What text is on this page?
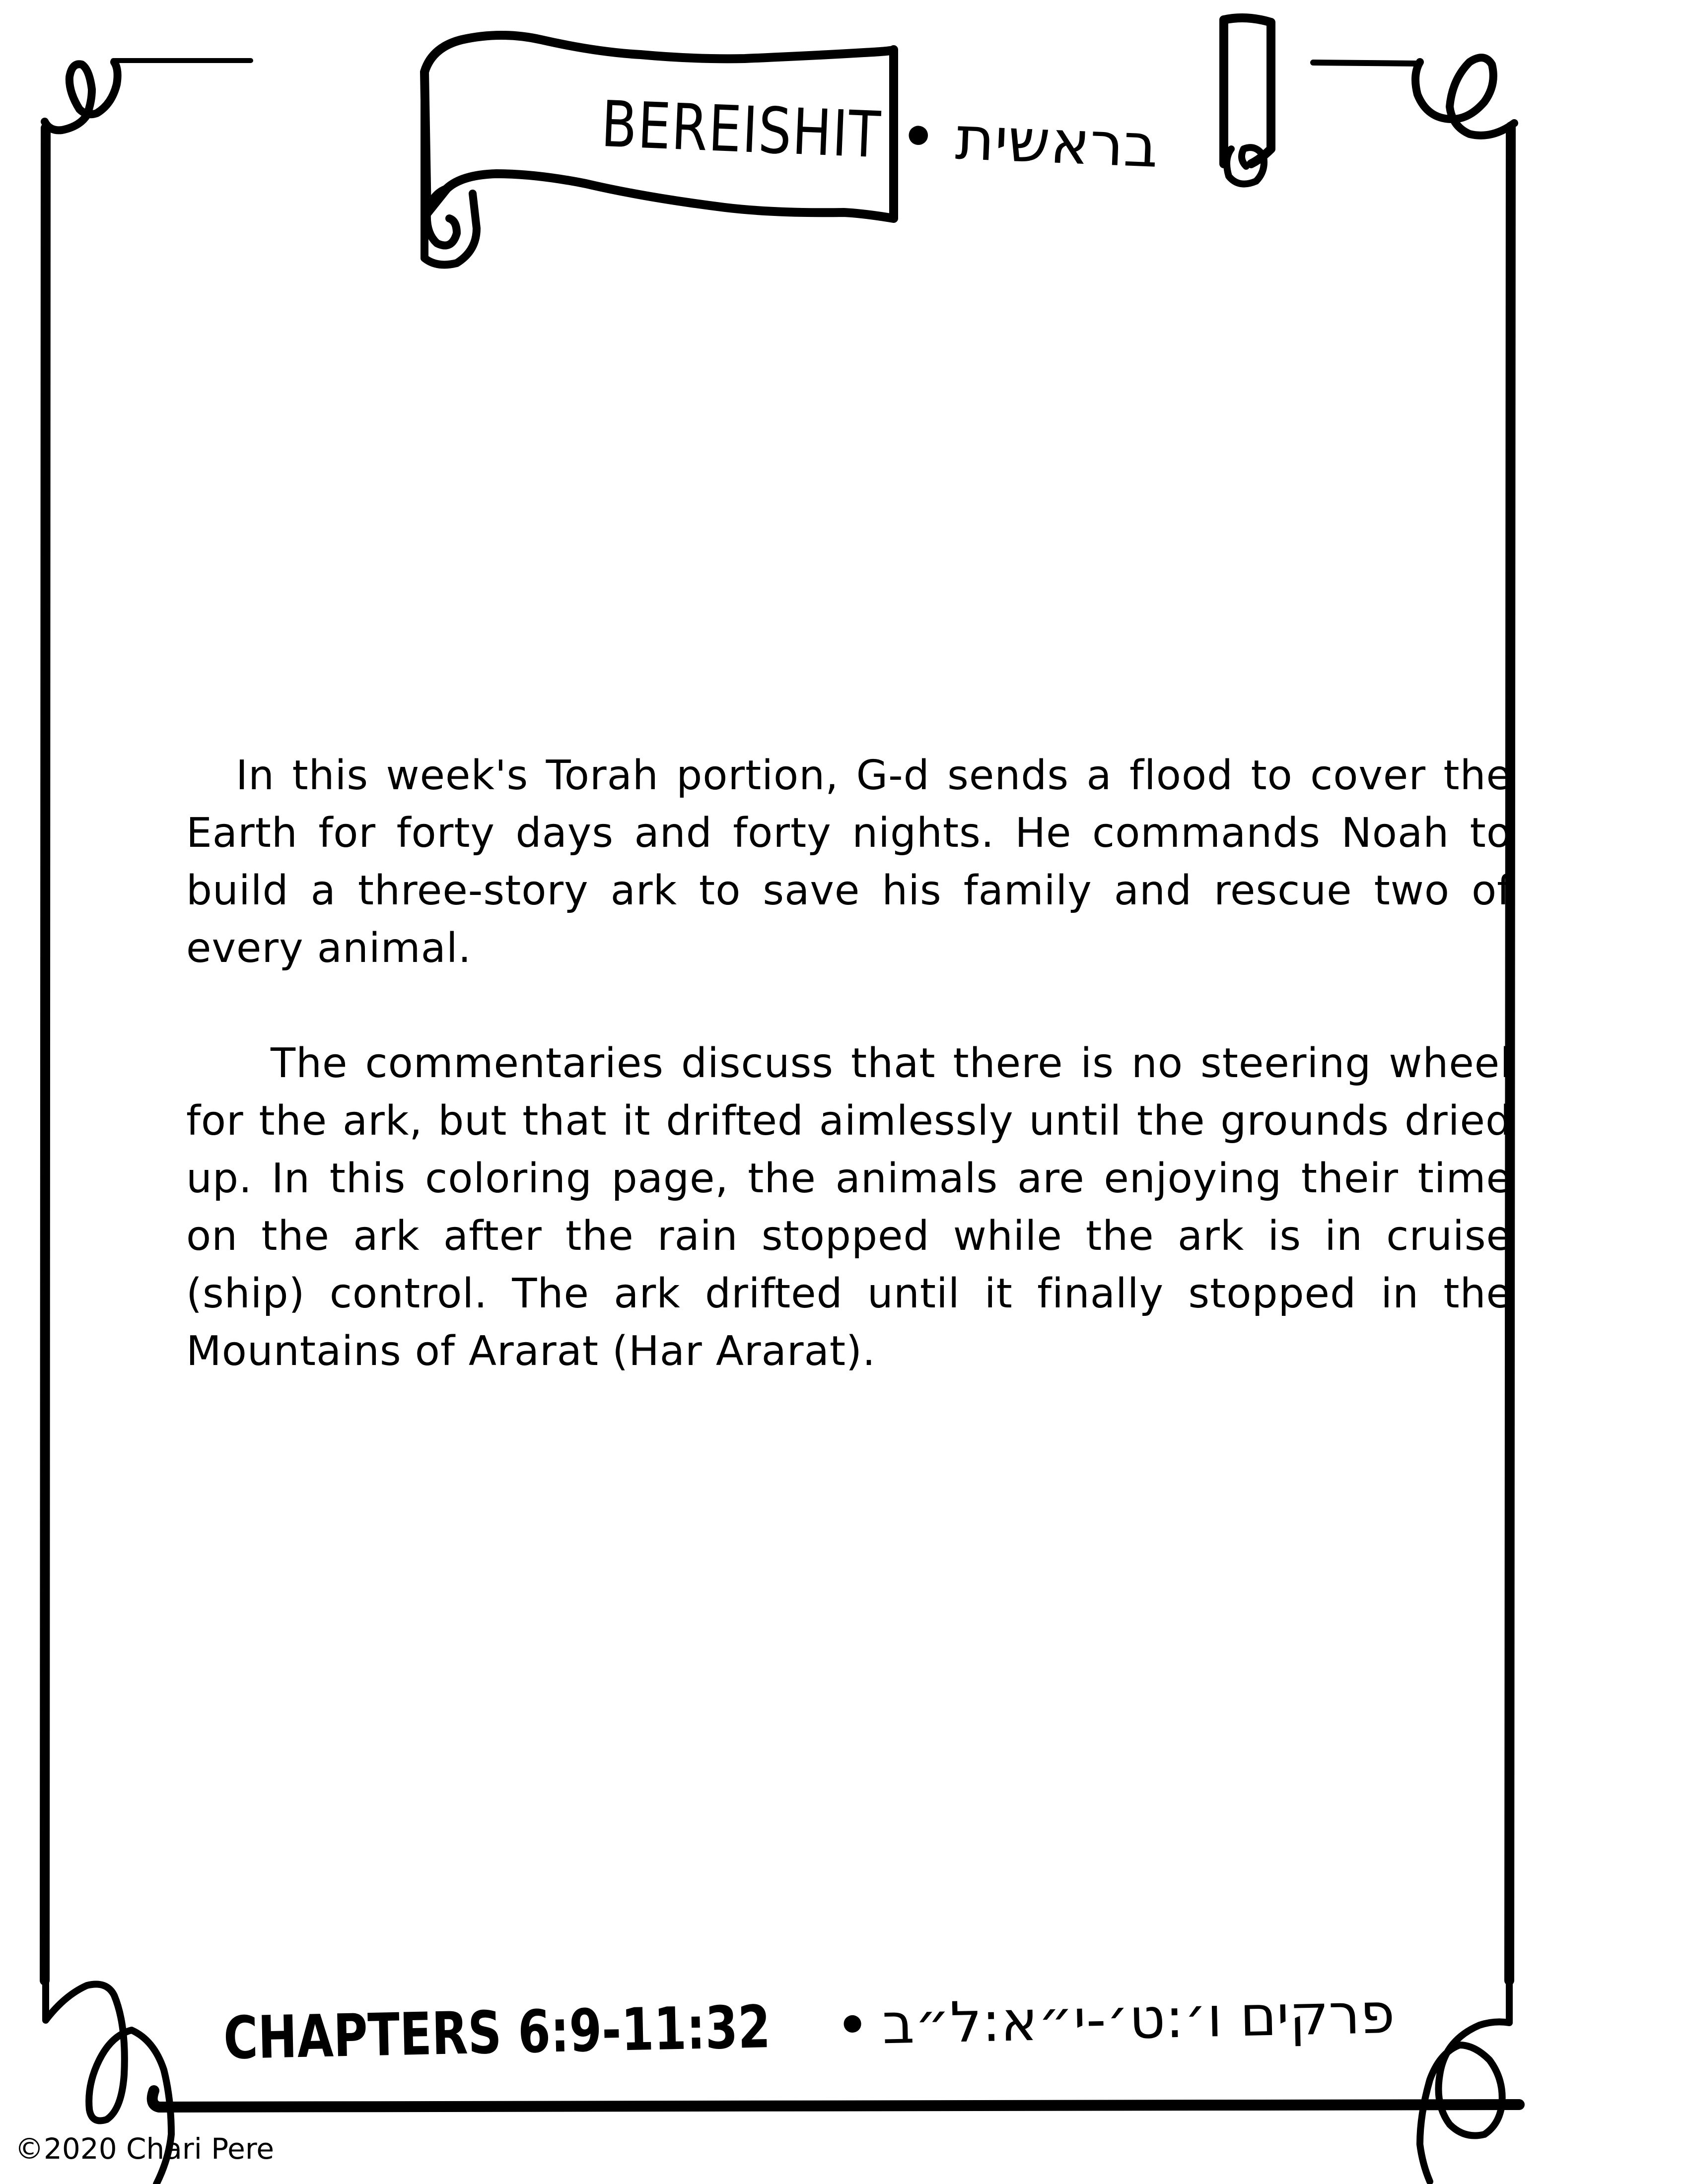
BEREISHIT • בראשית

In this week's Torah portion, G-d sends a flood to cover the Earth for forty days and forty nights. He commands Noah to build a three-story ark to save his family and rescue two of every animal.

The commentaries discuss that there is no steering wheel for the ark, but that it drifted aimlessly until the grounds dried up. In this coloring page, the animals are enjoying their time on the ark after the rain stopped while the ark is in cruise (ship) control. The ark drifted until it finally stopped in the Mountains of Ararat (Har Ararat).

CHAPTERS 6:9-11:32 • פרקים ו׳:ט׳-י״א:ל״ב
©2020 Chari Pere
